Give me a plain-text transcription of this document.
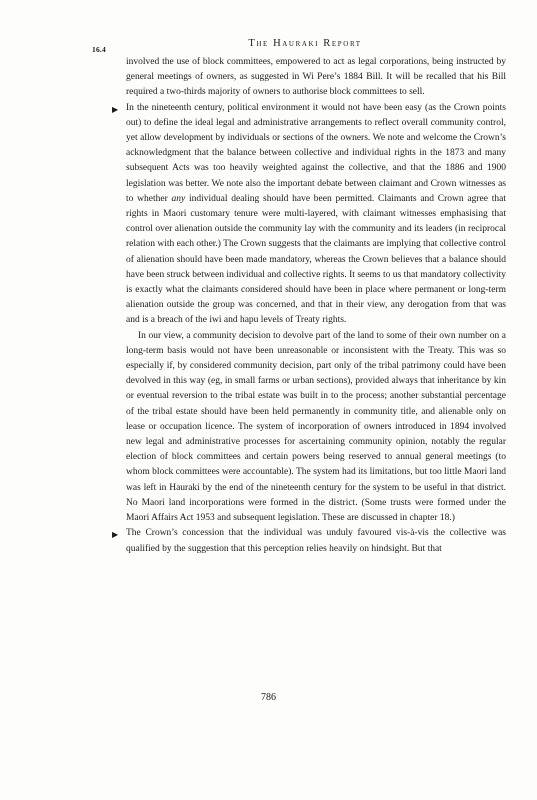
16.4
The Hauraki Report

involved the use of block committees, empowered to act as legal corporations, being instructed by general meetings of owners, as suggested in Wi Pere’s 1884 Bill. It will be recalled that his Bill required a two-thirds majority of owners to authorise block committees to sell.

▶ In the nineteenth century, political environment it would not have been easy (as the Crown points out) to define the ideal legal and administrative arrangements to reflect overall community control, yet allow development by individuals or sections of the owners. We note and welcome the Crown’s acknowledgment that the balance between collective and individual rights in the 1873 and many subsequent Acts was too heavily weighted against the collective, and that the 1886 and 1900 legislation was better. We note also the important debate between claimant and Crown witnesses as to whether any individual dealing should have been permitted. Claimants and Crown agree that rights in Maori customary tenure were multi-layered, with claimant witnesses emphasising that control over alienation outside the community lay with the community and its leaders (in reciprocal relation with each other.) The Crown suggests that the claimants are implying that collective control of alienation should have been made mandatory, whereas the Crown believes that a balance should have been struck between individual and collective rights. It seems to us that mandatory collectivity is exactly what the claimants considered should have been in place where permanent or long-term alienation outside the group was concerned, and that in their view, any derogation from that was and is a breach of the iwi and hapu levels of Treaty rights.

In our view, a community decision to devolve part of the land to some of their own number on a long-term basis would not have been unreasonable or inconsistent with the Treaty. This was so especially if, by considered community decision, part only of the tribal patrimony could have been devolved in this way (eg, in small farms or urban sections), provided always that inheritance by kin or eventual reversion to the tribal estate was built in to the process; another substantial percentage of the tribal estate should have been held permanently in community title, and alienable only on lease or occupation licence. The system of incorporation of owners introduced in 1894 involved new legal and administrative processes for ascertaining community opinion, notably the regular election of block committees and certain powers being reserved to annual general meetings (to whom block committees were accountable). The system had its limitations, but too little Maori land was left in Hauraki by the end of the nineteenth century for the system to be useful in that district. No Maori land incorporations were formed in the district. (Some trusts were formed under the Maori Affairs Act 1953 and subsequent legislation. These are discussed in chapter 18.)

▶ The Crown’s concession that the individual was unduly favoured vis-à-vis the collective was qualified by the suggestion that this perception relies heavily on hindsight. But that

786
